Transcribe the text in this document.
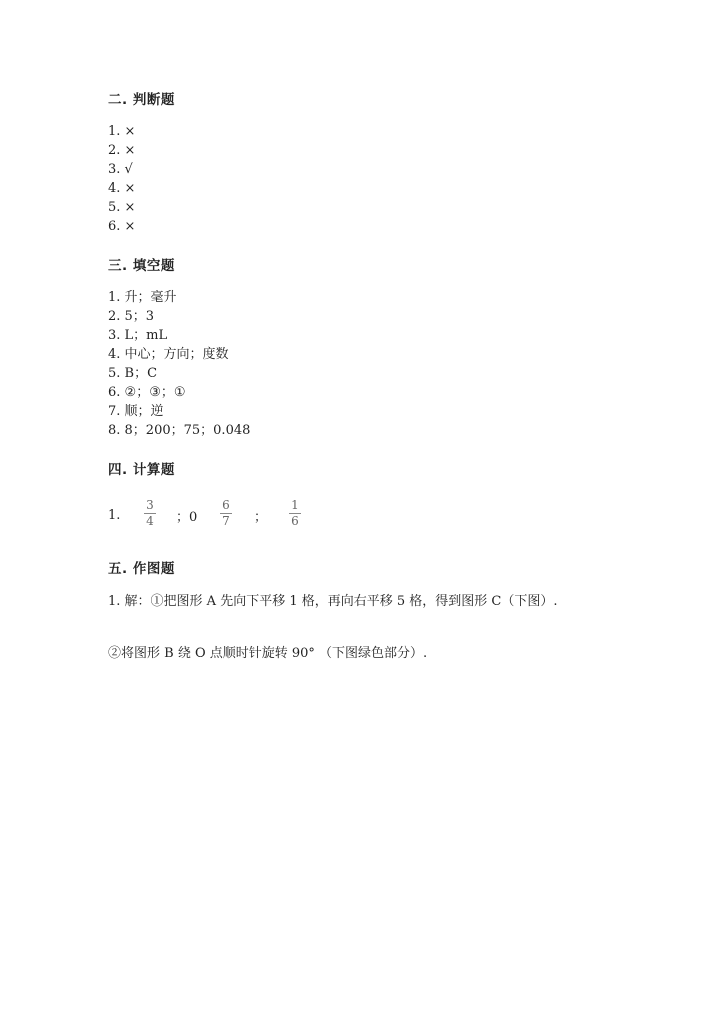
二. 判断题
1. ×
2. ×
3. √
4. ×
5. ×
6. ×
三. 填空题
1. 升；毫升
2. 5；3
3. L；mL
4. 中心；方向；度数
5. B；C
6. ②；③；①
7. 顺；逆
8. 8；200；75；0.048
四. 计算题
1.
3
4	；0
6
7	；
1
6
五. 作图题
1. 解：①把图形 A 先向下平移 1 格，再向右平移 5 格，得到图形 C（下图）.
②将图形 B 绕 O 点顺时针旋转 90° （下图绿色部分）.
